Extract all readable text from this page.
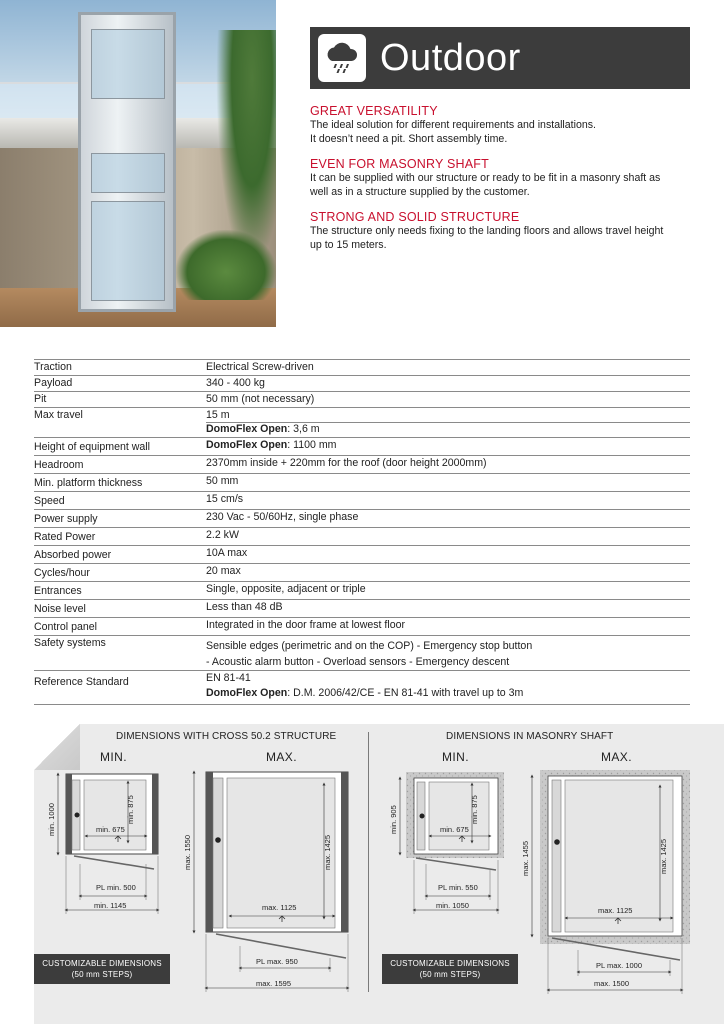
Outdoor
GREAT VERSATILITY

The ideal solution for different requirements and installations.
It doesn’t need a pit. Short assembly time.

EVEN FOR MASONRY SHAFT

It can be supplied with our structure or ready to be fit in a masonry shaft as
well as in a structure supplied by the customer.

STRONG AND SOLID STRUCTURE

The structure only needs fixing to the landing floors and allows travel height
up to 15 meters.

Traction	Electrical Screw-driven
Payload	340 - 400 kg
Pit	50 mm (not necessary)
Max travel	15 m
DomoFlex Open: 3,6 m

Height of equipment wall	DomoFlex Open: 1100 mm
Headroom	2370mm inside + 220mm for the roof (door height 2000mm)
Min. platform thickness	50 mm
Speed	15 cm/s
Power supply	230 Vac - 50/60Hz, single phase
Rated Power	2.2 kW
Absorbed power	10A max
Cycles/hour	20 max
Entrances	Single, opposite, adjacent or triple
Noise level	Less than 48 dB
Control panel	Integrated in the door frame at lowest floor
Safety systems	Sensible edges (perimetric and on the COP) - Emergency stop button
- Acoustic alarm button - Overload sensors - Emergency descent

Reference Standard	EN 81-41
DomoFlex Open: D.M. 2006/42/CE - EN 81-41 with travel up to 3m
DIMENSIONS WITH CROSS 50.2 STRUCTURE	DIMENSIONS IN MASONRY SHAFT
MIN.	MAX.	MIN.	MAX.
min. 1000	min. 875
min. 675
PL min. 500
min. 1145
max. 1550	max. 1425
max. 1125
PL max. 950
max. 1595
min. 905	min. 875
min. 675
PL min. 550
min. 1050
max. 1455	max. 1425
max. 1125
PL max. 1000
max. 1500
CUSTOMIZABLE DIMENSIONS
(50 mm STEPS)
CUSTOMIZABLE DIMENSIONS
(50 mm STEPS)
